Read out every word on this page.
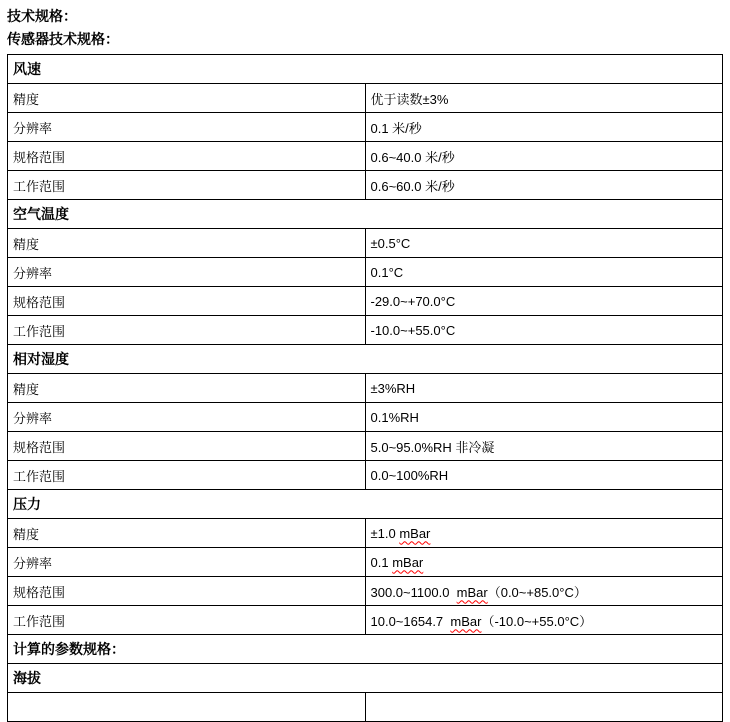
技术规格：
传感器技术规格：
风速	
精度	优于读数±3%
分辨率	0.1 米/秒
规格范围	0.6~40.0 米/秒
工作范围	0.6~60.0 米/秒
空气温度	
精度	±0.5°C
分辨率	0.1°C
规格范围	-29.0~+70.0°C
工作范围	-10.0~+55.0°C
相对湿度	
精度	±3%RH
分辨率	0.1%RH
规格范围	5.0~95.0%RH 非冷凝
工作范围	0.0~100%RH
压力	
精度	±1.0 mBar
分辨率	0.1 mBar
规格范围	300.0~1100.0  mBar（0.0~+85.0°C）
工作范围	10.0~1654.7  mBar（-10.0~+55.0°C）
计算的参数规格：	
海拔	
